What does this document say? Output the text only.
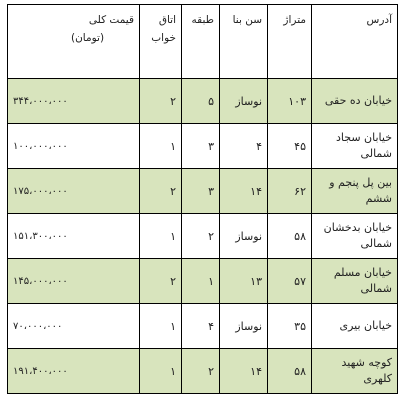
آدرس	متراژ	سن بنا	طبقه	اتاق خواب	قیمت کلی
(تومان)

خیابان ده حقی	۱۰۳	نوساز	۵	۲	۳۴۴،۰۰۰،۰۰۰
خیابان سجاد شمالی	۴۵	۴	۳	۱	۱۰۰،۰۰۰،۰۰۰
بین پل پنجم و ششم	۶۲	۱۴	۳	۲	۱۷۵،۰۰۰،۰۰۰
خیابان بدخشان شمالی	۵۸	نوساز	۲	۱	۱۵۱،۳۰۰،۰۰۰
خیابان مسلم شمالی	۵۷	۱۳	۱	۲	۱۴۵،۰۰۰،۰۰۰
خیابان بیری	۳۵	نوساز	۴	۱	۷۰،۰۰۰،۰۰۰
کوچه شهید کلهری	۵۸	۱۴	۲	۱	۱۹۱،۴۰۰،۰۰۰
